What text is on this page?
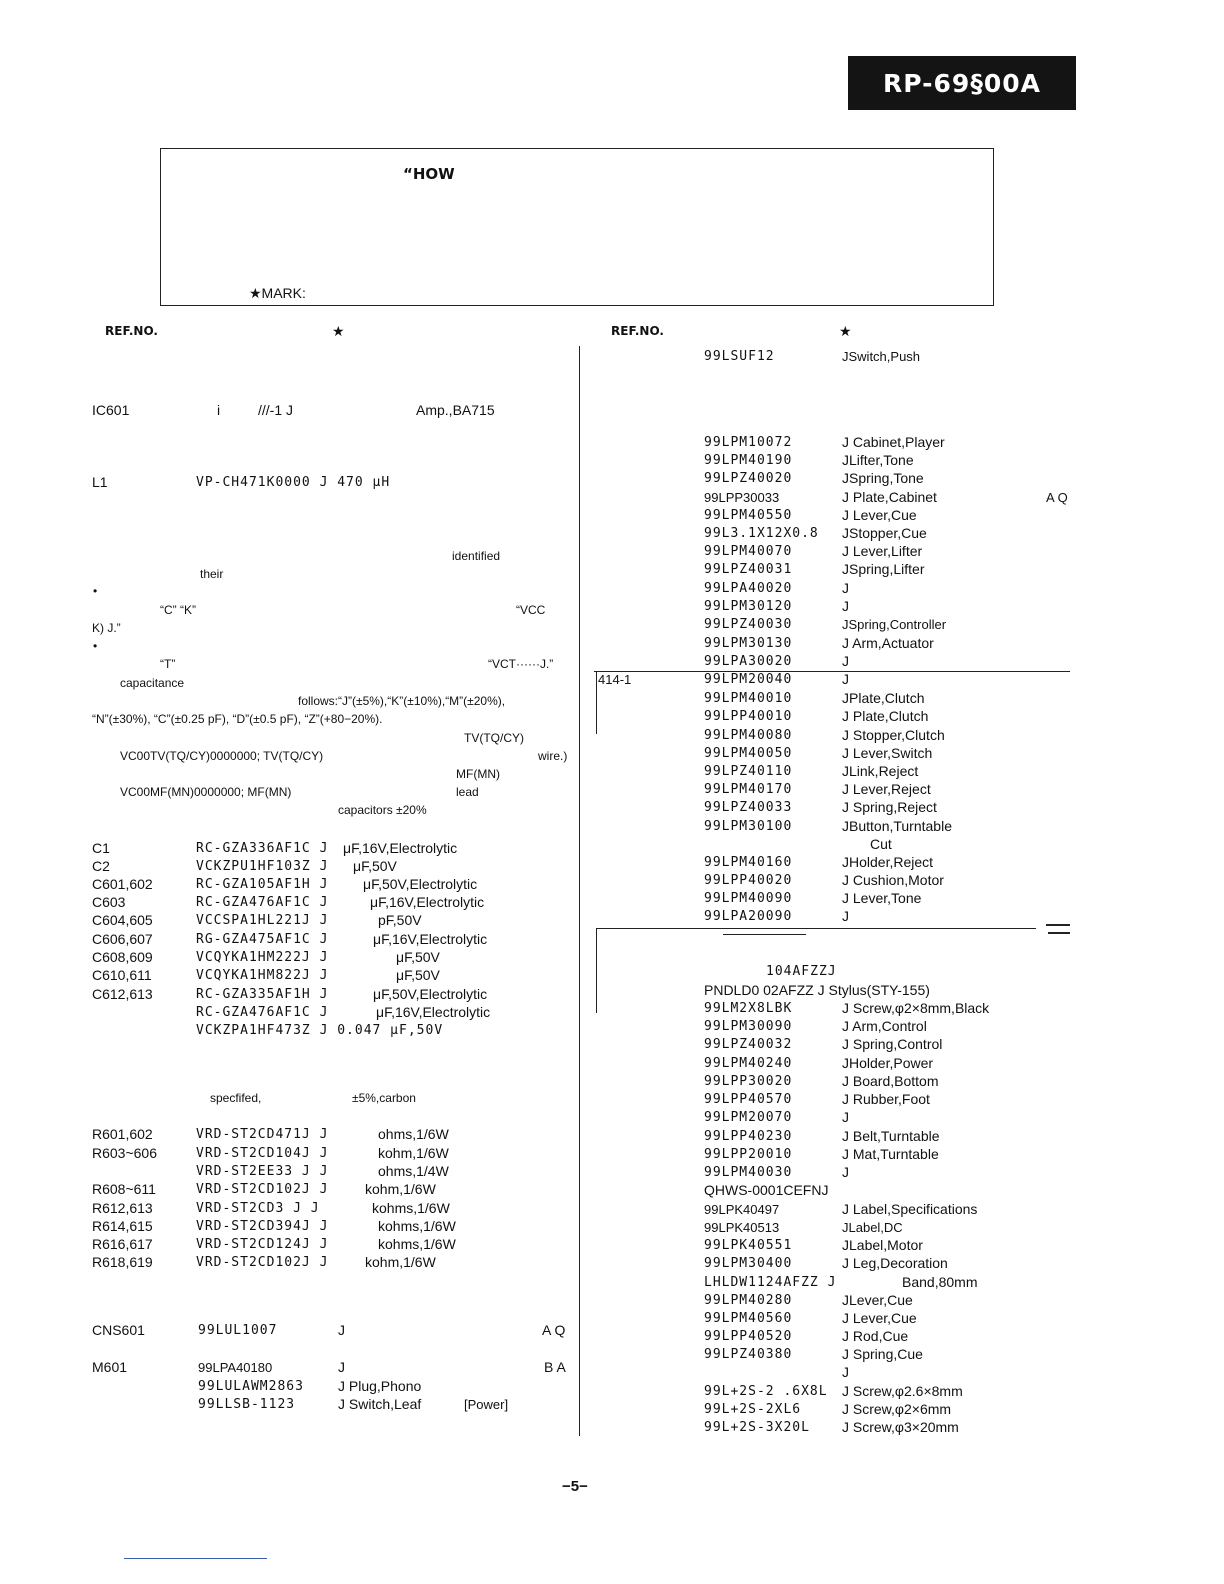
RP-69§00A
“HOW
★MARK:
REF.NO.	★	REF.NO.	★
IC601	i	///-1 J	Amp.,BA715
L1	VP-CH471K0000 J 470 μH
identified
their
•
“C” “K”	“VCC
K) J.”
•
“T”	“VCT······J.”
capacitance
follows:“J”(±5%),“K”(±10%),“M”(±20%),
“N”(±30%), “C”(±0.25 pF), “D”(±0.5 pF), “Z”(+80−20%).
TV(TQ/CY)
VC00TV(TQ/CY)0000000; TV(TQ/CY)	wire.)
MF(MN)
VC00MF(MN)0000000; MF(MN)	lead
capacitors ±20%
C1	RC-GZA336AF1C J μF,16V,Electrolytic
C2	VCKZPU1HF103Z J μF,50V
C601,602	RC-GZA105AF1H J μF,50V,Electrolytic
C603	RC-GZA476AF1C J	μF,16V,Electrolytic
C604,605	VCCSPA1HL221J J	pF,50V
C606,607	RG-GZA475AF1C J	μF,16V,Electrolytic
C608,609	VCQYKA1HM222J J	μF,50V
C610,611	VCQYKA1HM822J J	μF,50V
C612,613	RC-GZA335AF1H J	μF,50V,Electrolytic
RC-GZA476AF1C J	μF,16V,Electrolytic
VCKZPA1HF473Z J 0.047 μF,50V
specfifed,	±5%,carbon
R601,602	VRD-ST2CD471J J	ohms,1/6W
R603~606	VRD-ST2CD104J J	kohm,1/6W
VRD-ST2EE33 J J	ohms,1/4W
R608~611	VRD-ST2CD102J J	kohm,1/6W
R612,613	VRD-ST2CD3 J J	kohms,1/6W
R614,615	VRD-ST2CD394J J	kohms,1/6W
R616,617	VRD-ST2CD124J J	kohms,1/6W
R618,619	VRD-ST2CD102J J	kohm,1/6W
CNS601	99LUL1007	J	A Q
M601	99LPA40180	J	B A
99LULAWM2863 J Plug,Phono
99LLSB-1123	J Switch,Leaf	[Power]
99LSUF12	JSwitch,Push
99LPM10072	J Cabinet,Player
99LPM40190	JLifter,Tone
99LPZ40020	JSpring,Tone
99LPP30033	J Plate,Cabinet	A Q
99LPM40550	J Lever,Cue
99L3.1X12X0.8 JStopper,Cue
99LPM40070	J Lever,Lifter
99LPZ40031	JSpring,Lifter
99LPA40020	J
99LPM30120	J
99LPZ40030	JSpring,Controller
99LPM30130	J Arm,Actuator
99LPA30020	J
414-1	99LPM20040	J
99LPM40010	JPlate,Clutch
99LPP40010	J Plate,Clutch
99LPM40080	J Stopper,Clutch
99LPM40050	J Lever,Switch
99LPZ40110	JLink,Reject
99LPM40170	J Lever,Reject
99LPZ40033	J Spring,Reject
99LPM30100	JButton,Turntable
Cut
99LPM40160	JHolder,Reject
99LPP40020	J Cushion,Motor
99LPM40090	J Lever,Tone
99LPA20090	J
104AFZZJ
PNDLD0 02AFZZ J Stylus(STY-155)
99LM2X8LBK	J Screw,φ2×8mm,Black
99LPM30090	J Arm,Control
99LPZ40032	J Spring,Control
99LPM40240	JHolder,Power
99LPP30020	J Board,Bottom
99LPP40570	J Rubber,Foot
99LPM20070	J
99LPP40230	J Belt,Turntable
99LPP20010	J Mat,Turntable
99LPM40030	J
QHWS-0001CEFNJ
99LPK40497	J Label,Specifications
99LPK40513	JLabel,DC
99LPK40551	JLabel,Motor
99LPM30400	J Leg,Decoration
LHLDW1124AFZZ J	Band,80mm
99LPM40280	JLever,Cue
99LPM40560	J Lever,Cue
99LPP40520	J Rod,Cue
99LPZ40380	J Spring,Cue
J
99L+2S-2 .6X8L J Screw,φ2.6×8mm
99L+2S-2XL6	J Screw,φ2×6mm
99L+2S-3X20L J Screw,φ3×20mm
−5−
